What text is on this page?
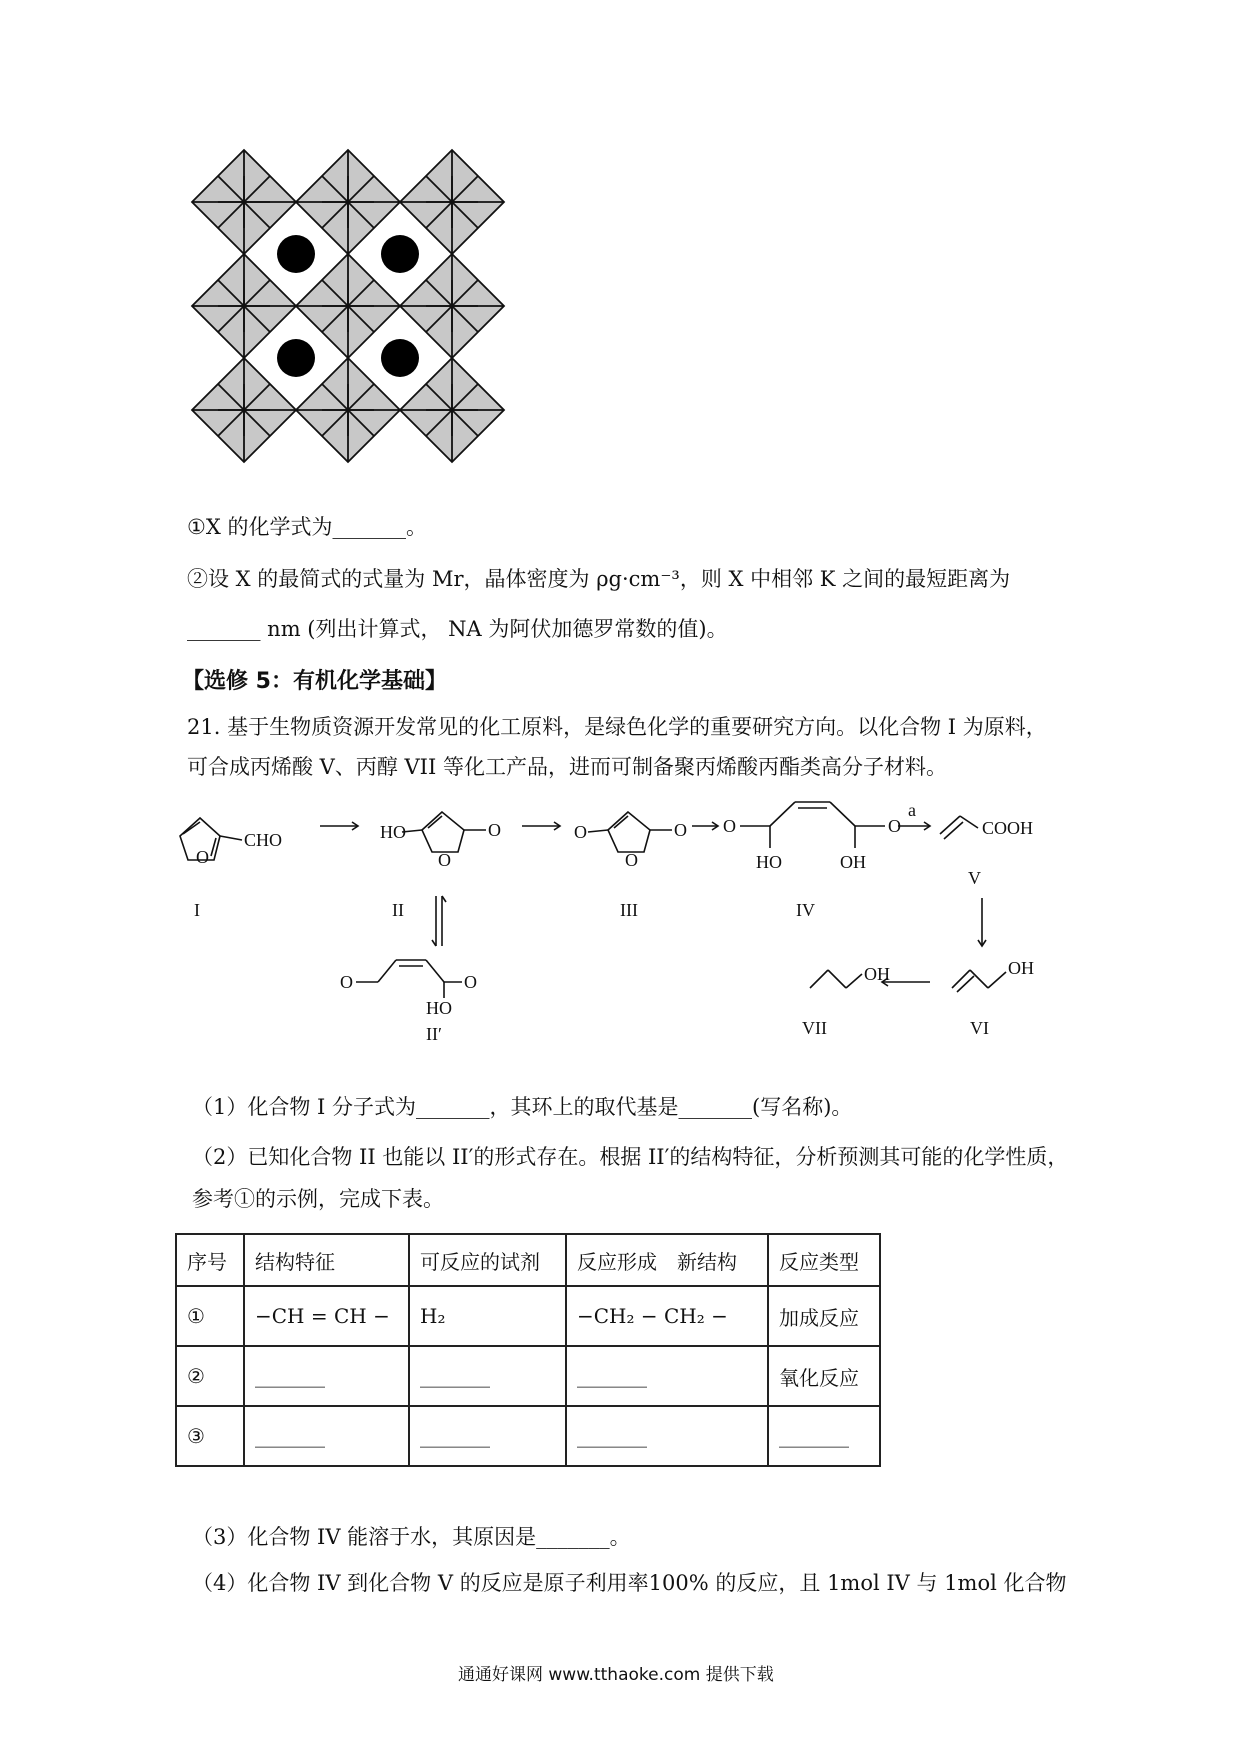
①X 的化学式为_______。
②设 X 的最简式的式量为 Mr，晶体密度为 ρg·cm⁻³，则 X 中相邻 K 之间的最短距离为
_______ nm (列出计算式， NA 为阿伏加德罗常数的值)。
【选修 5：有机化学基础】
21. 基于生物质资源开发常见的化工原料，是绿色化学的重要研究方向。以化合物 I 为原料，
可合成丙烯酸 V、丙醇 VII 等化工产品，进而可制备聚丙烯酸丙酯类高分子材料。
O
CHO
I
HO
O
O
II
O
O
O
III
O	O
HO	OH
IV
a
COOH
V
OH
VI
OH
VII
O	O
HO
II′
（1）化合物 I 分子式为_______，其环上的取代基是_______(写名称)。
（2）已知化合物 II 也能以 II′的形式存在。根据 II′的结构特征，分析预测其可能的化学性质，
参考①的示例，完成下表。
序号	结构特征	可反应的试剂	反应形成　新结构	反应类型
①	−CH = CH −	H₂	−CH₂ − CH₂ −	加成反应
②	_______	_______	_______	氧化反应
③	_______	_______	_______	_______
（3）化合物 IV 能溶于水，其原因是_______。
（4）化合物 IV 到化合物 V 的反应是原子利用率100% 的反应，且 1mol IV 与 1mol 化合物
通通好课网 www.tthaoke.com 提供下载
